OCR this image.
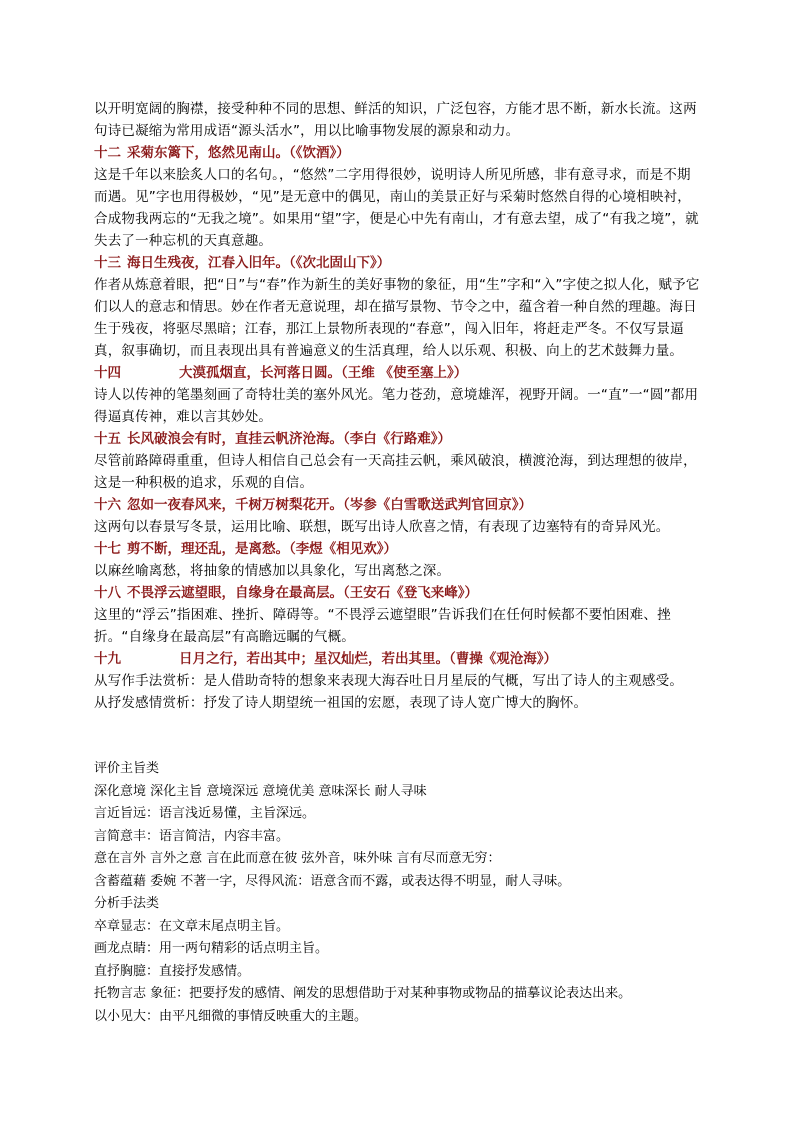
以开明宽阔的胸襟，接受种种不同的思想、鲜活的知识，广泛包容，方能才思不断，新水长流。这两句诗已凝缩为常用成语“源头活水”，用以比喻事物发展的源泉和动力。

十二 采菊东篱下，悠然见南山。（《饮酒》）

这是千年以来脍炙人口的名句。，“悠然”二字用得很妙，说明诗人所见所感，非有意寻求，而是不期而遇。见”字也用得极妙，“见”是无意中的偶见，南山的美景正好与采菊时悠然自得的心境相映衬，合成物我两忘的“无我之境”。如果用“望”字，便是心中先有南山，才有意去望，成了“有我之境”，就失去了一种忘机的天真意趣。

十三 海日生残夜，江春入旧年。（《次北固山下》）

作者从炼意着眼，把“日”与“春”作为新生的美好事物的象征，用“生”字和“入”字使之拟人化，赋予它们以人的意志和情思。妙在作者无意说理，却在描写景物、节令之中，蕴含着一种自然的理趣。海日生于残夜，将驱尽黑暗；江春，那江上景物所表现的“春意”，闯入旧年，将赶走严冬。不仅写景逼真，叙事确切，而且表现出具有普遍意义的生活真理，给人以乐观、积极、向上的艺术鼓舞力量。

十四	大漠孤烟直，长河落日圆。（王维 《使至塞上》）

诗人以传神的笔墨刻画了奇特壮美的塞外风光。笔力苍劲，意境雄浑，视野开阔。一“直”一“圆”都用得逼真传神，难以言其妙处。

十五 长风破浪会有时，直挂云帆济沧海。（李白《行路难》）

尽管前路障碍重重，但诗人相信自己总会有一天高挂云帆，乘风破浪，横渡沧海，到达理想的彼岸，这是一种积极的追求，乐观的自信。

十六 忽如一夜春风来，千树万树梨花开。（岑参《白雪歌送武判官回京》）

这两句以春景写冬景，运用比喻、联想，既写出诗人欣喜之情，有表现了边塞特有的奇异风光。

十七 剪不断，理还乱，是离愁。（李煜《相见欢》）

以麻丝喻离愁，将抽象的情感加以具象化，写出离愁之深。

十八 不畏浮云遮望眼，自缘身在最高层。（王安石《登飞来峰》）

这里的“浮云”指困难、挫折、障碍等。“不畏浮云遮望眼”告诉我们在任何时候都不要怕困难、挫折。“自缘身在最高层”有高瞻远瞩的气概。

十九	日月之行，若出其中；星汉灿烂，若出其里。（曹操《观沧海》）

从写作手法赏析：是人借助奇特的想象来表现大海吞吐日月星辰的气概，写出了诗人的主观感受。

从抒发感情赏析：抒发了诗人期望统一祖国的宏愿，表现了诗人宽广博大的胸怀。

评价主旨类

深化意境 深化主旨 意境深远 意境优美 意味深长 耐人寻味

言近旨远：语言浅近易懂，主旨深远。

言简意丰：语言简洁，内容丰富。

意在言外 言外之意 言在此而意在彼 弦外音，味外味 言有尽而意无穷：

含蓄蕴藉 委婉 不著一字，尽得风流：语意含而不露，或表达得不明显，耐人寻味。

分析手法类

卒章显志：在文章末尾点明主旨。

画龙点睛：用一两句精彩的话点明主旨。

直抒胸臆：直接抒发感情。

托物言志 象征：把要抒发的感情、阐发的思想借助于对某种事物或物品的描摹议论表达出来。

以小见大：由平凡细微的事情反映重大的主题。
